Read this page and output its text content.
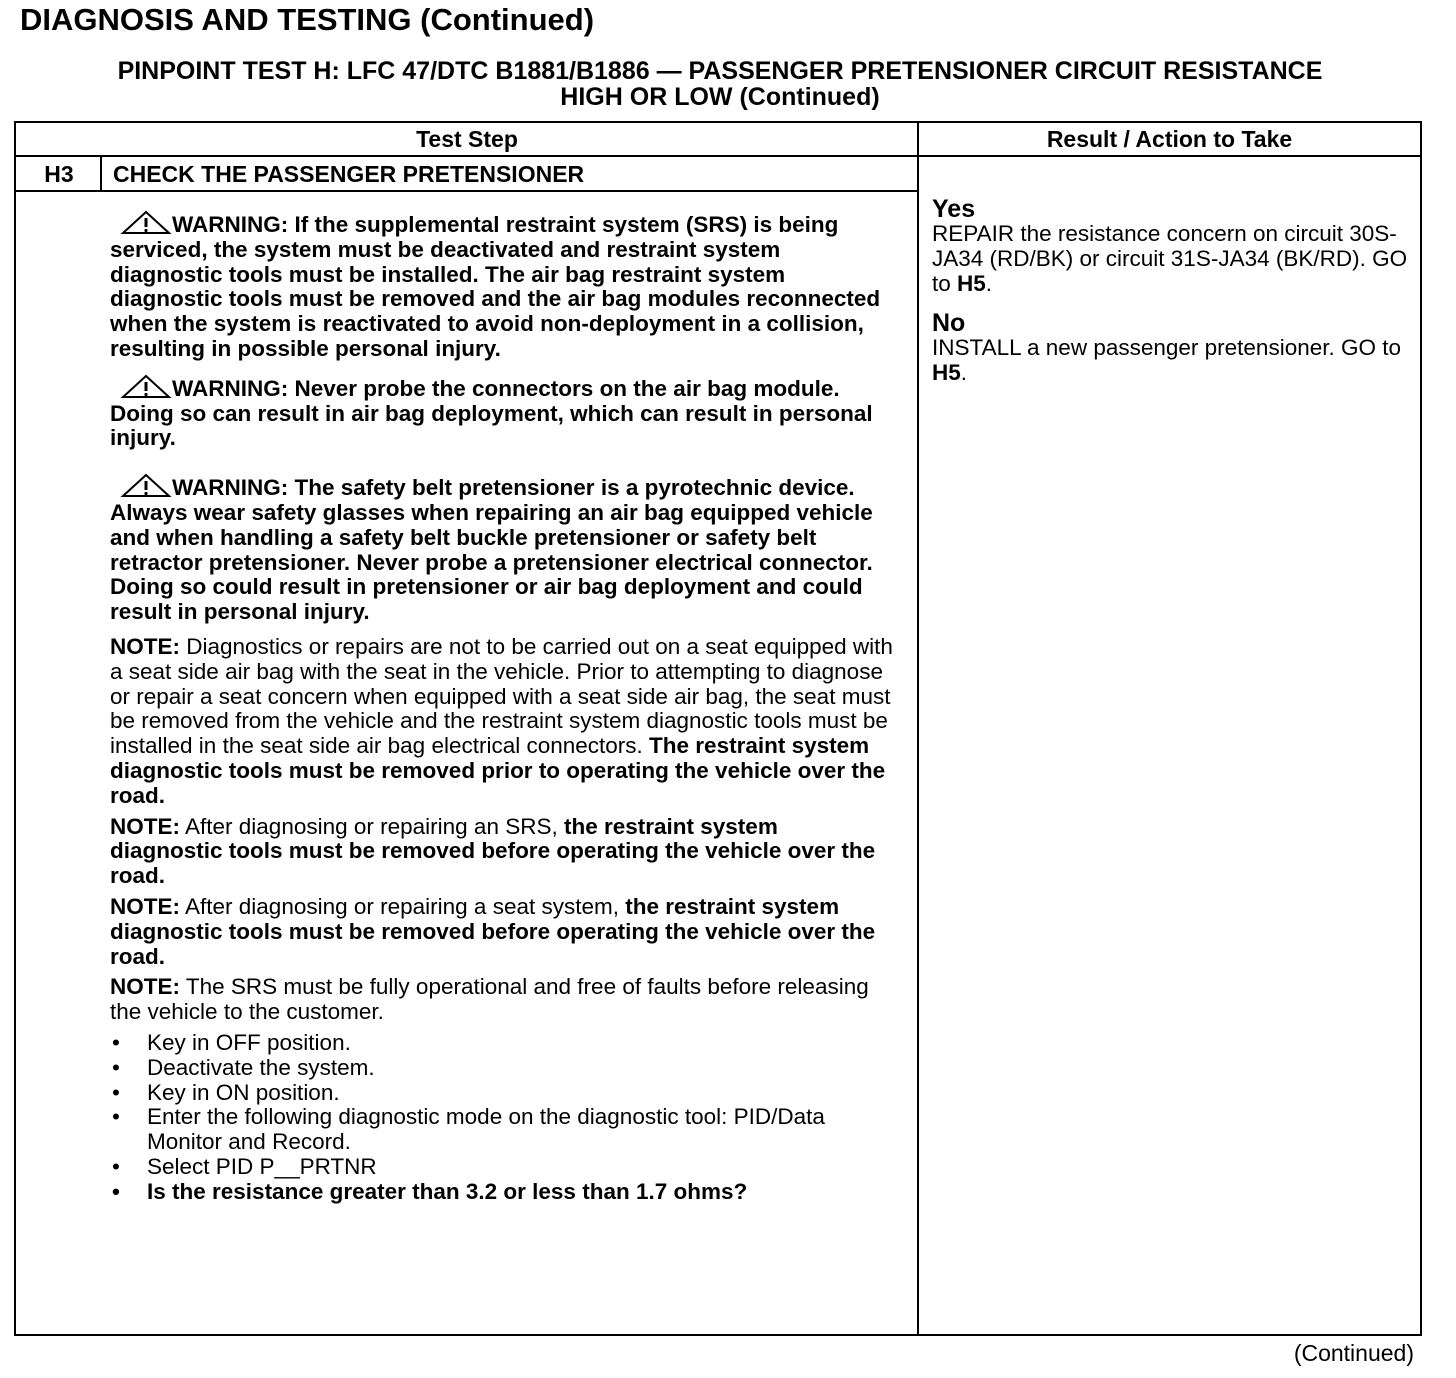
DIAGNOSIS AND TESTING (Continued)
PINPOINT TEST H: LFC 47/DTC B1881/B1886 — PASSENGER PRETENSIONER CIRCUIT RESISTANCE
HIGH OR LOW (Continued)
Test Step	Result / Action to Take
H3	CHECK THE PASSENGER PRETENSIONER
WARNING: If the supplemental restraint system (SRS) is being serviced, the system must be deactivated and restraint system diagnostic tools must be installed. The air bag restraint system diagnostic tools must be removed and the air bag modules reconnected when the system is reactivated to avoid non-deployment in a collision, resulting in possible personal injury.
WARNING: Never probe the connectors on the air bag module. Doing so can result in air bag deployment, which can result in personal injury.
WARNING: The safety belt pretensioner is a pyrotechnic device. Always wear safety glasses when repairing an air bag equipped vehicle and when handling a safety belt buckle pretensioner or safety belt retractor pretensioner. Never probe a pretensioner electrical connector. Doing so could result in pretensioner or air bag deployment and could result in personal injury.
NOTE: Diagnostics or repairs are not to be carried out on a seat equipped with a seat side air bag with the seat in the vehicle. Prior to attempting to diagnose or repair a seat concern when equipped with a seat side air bag, the seat must be removed from the vehicle and the restraint system diagnostic tools must be installed in the seat side air bag electrical connectors. The restraint system diagnostic tools must be removed prior to operating the vehicle over the road.
NOTE: After diagnosing or repairing an SRS, the restraint system diagnostic tools must be removed before operating the vehicle over the road.
NOTE: After diagnosing or repairing a seat system, the restraint system diagnostic tools must be removed before operating the vehicle over the road.
NOTE: The SRS must be fully operational and free of faults before releasing the vehicle to the customer.
• Key in OFF position.
• Deactivate the system.
• Key in ON position.
• Enter the following diagnostic mode on the diagnostic tool: PID/Data Monitor and Record.
• Select PID P__PRTNR
• Is the resistance greater than 3.2 or less than 1.7 ohms?
Yes
REPAIR the resistance concern on circuit 30S-JA34 (RD/BK) or circuit 31S-JA34 (BK/RD). GO to H5.
No
INSTALL a new passenger pretensioner. GO to H5.
(Continued)
